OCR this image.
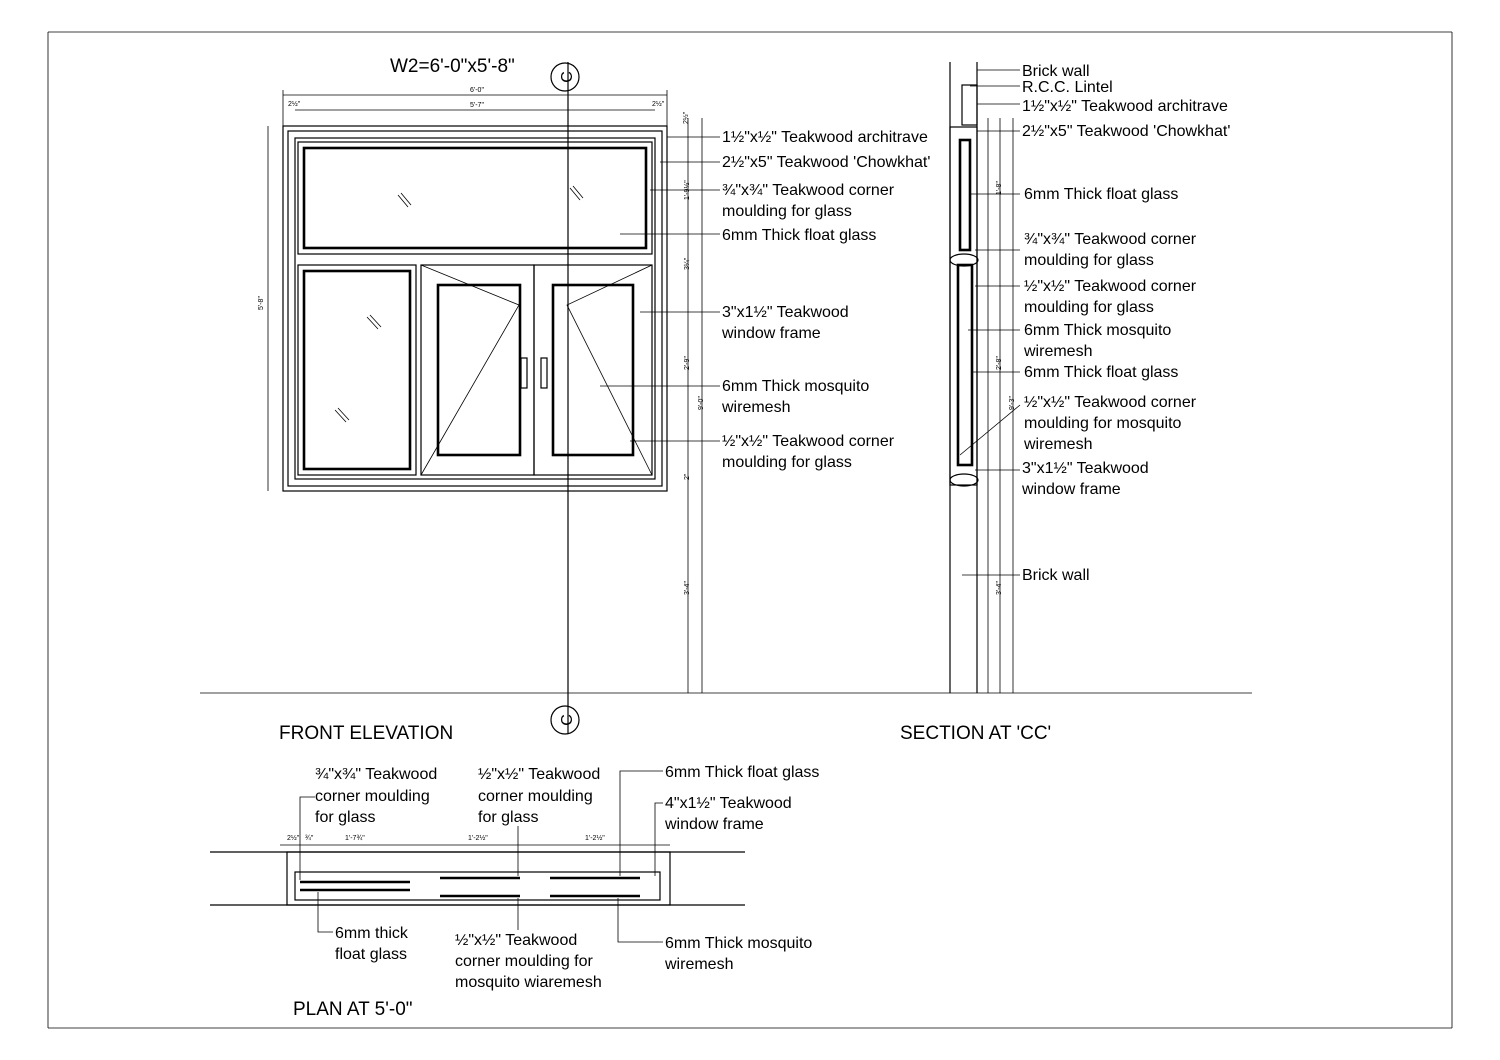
W2=6'-0"x5'-8"	C
C
6'-0"
5'-7"
2½"	2½"
5'-8"
2½"
1'-9½"
3¼"
2'-9"
2"
9'-0"
3'-4"
1½"x½" Teakwood architrave
2½"x5" Teakwood 'Chowkhat'
¾"x¾" Teakwood corner
moulding for glass
6mm Thick float glass
3"x1½" Teakwood
window frame
6mm Thick mosquito
wiremesh
½"x½" Teakwood corner
moulding for glass
FRONT ELEVATION
1'-8"
2'-8"
9'-3"
3'-4"
Brick wall
R.C.C. Lintel
1½"x½" Teakwood architrave
2½"x5" Teakwood 'Chowkhat'
6mm Thick float glass
¾"x¾" Teakwood corner
moulding for glass
½"x½" Teakwood corner
moulding for glass
6mm Thick mosquito
wiremesh
6mm Thick float glass
½"x½" Teakwood corner
moulding for mosquito
wiremesh
3"x1½" Teakwood
window frame
Brick wall
SECTION AT 'CC'
2½" ¾"	1'-7¾"	1'-2½"	1'-2½"
¾"x¾" Teakwood
corner moulding
for glass
½"x½" Teakwood
corner moulding
for glass
6mm Thick float glass
4"x1½" Teakwood
window frame
6mm thick
float glass
½"x½" Teakwood
corner moulding for
mosquito wiaremesh
6mm Thick mosquito
wiremesh
PLAN AT 5'-0"
